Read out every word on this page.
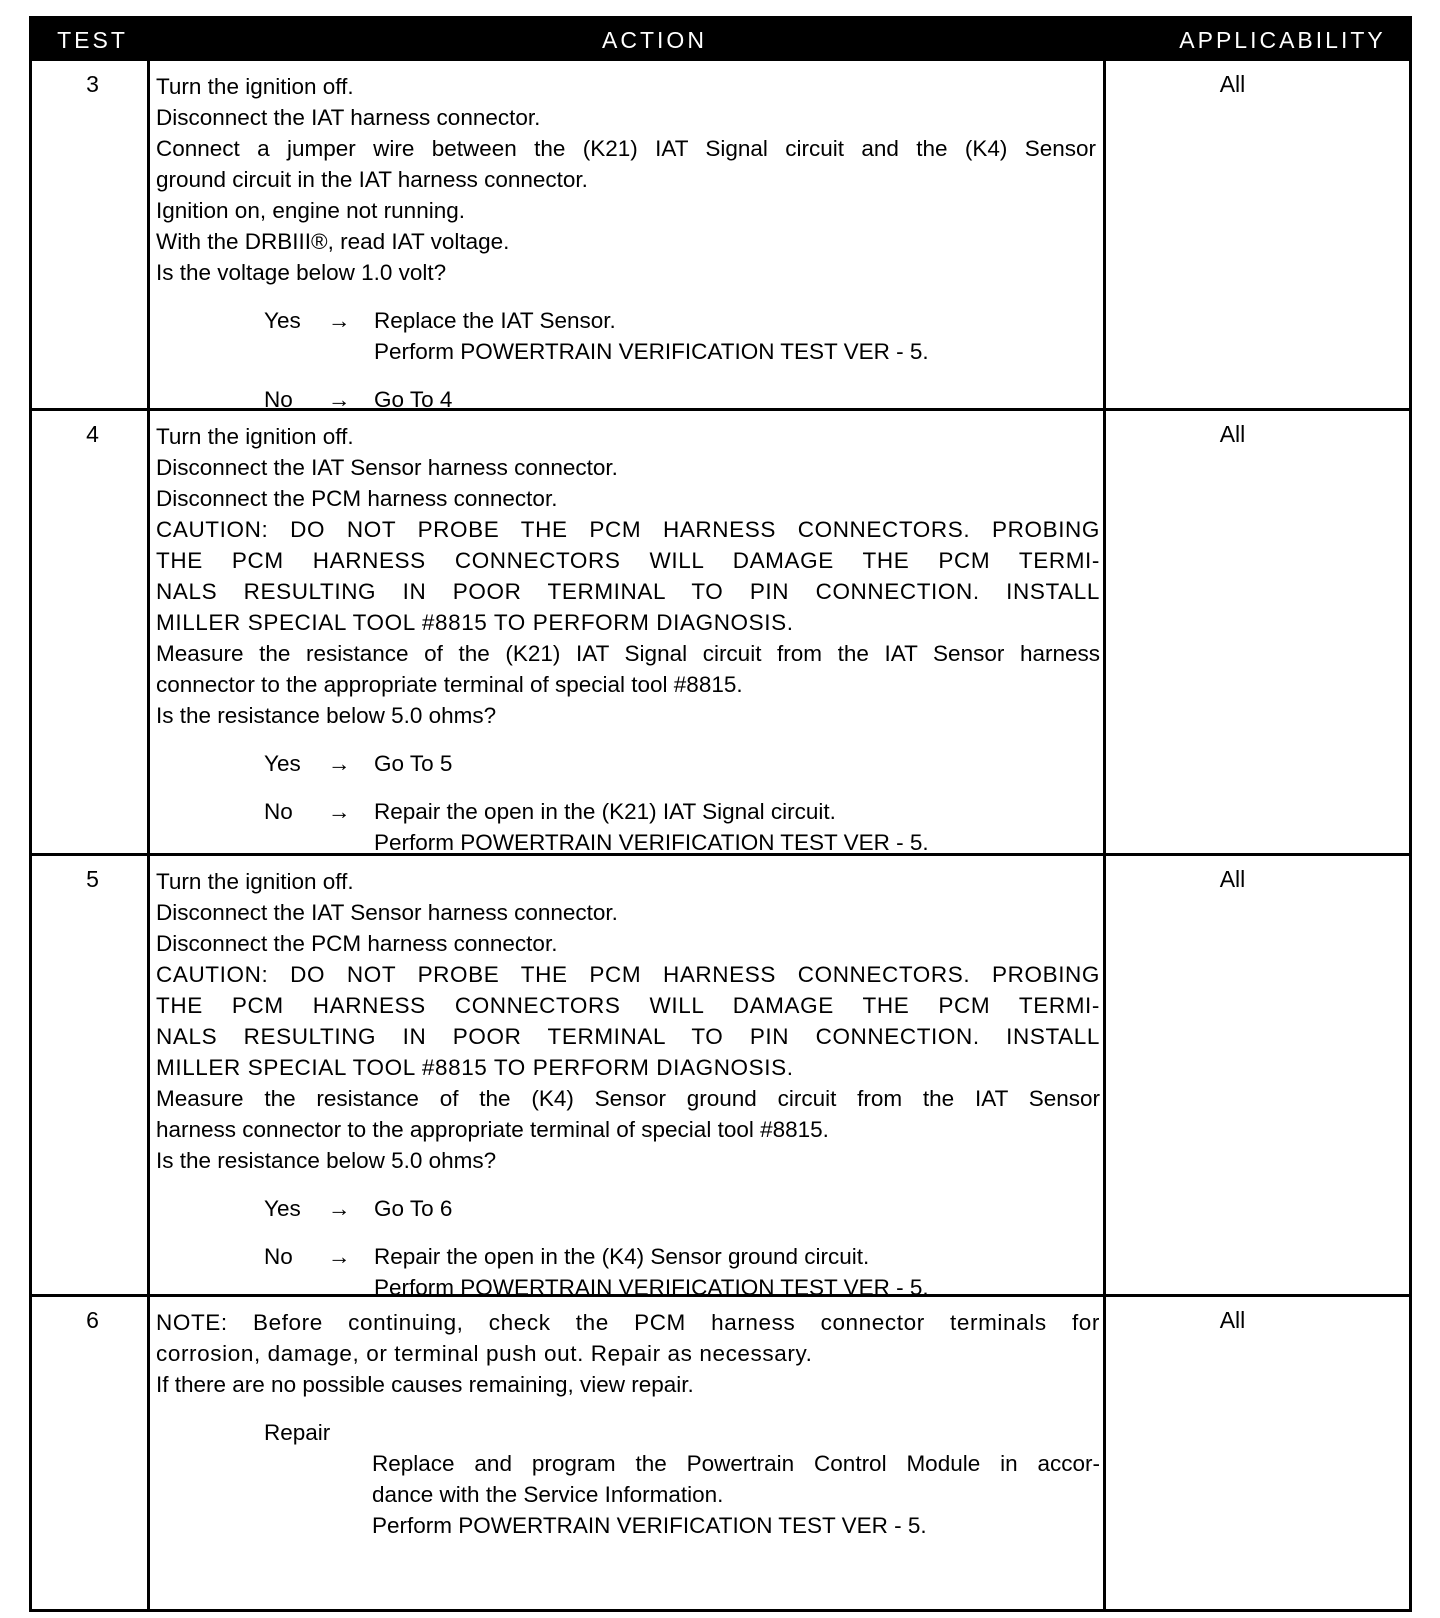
TEST	ACTION	APPLICABILITY
3	Turn the ignition off.
Disconnect the IAT harness connector.
Connect a jumper wire between the (K21) IAT Signal circuit and the (K4) Sensor
ground circuit in the IAT harness connector.
Ignition on, engine not running.
With the DRBIII®, read IAT voltage.
Is the voltage below 1.0 volt?
Yes → Replace the IAT Sensor.
Perform POWERTRAIN VERIFICATION TEST VER - 5.
No → Go To 4
All
4	Turn the ignition off.
Disconnect the IAT Sensor harness connector.
Disconnect the PCM harness connector.
CAUTION: DO NOT PROBE THE PCM HARNESS CONNECTORS. PROBING
THE PCM HARNESS CONNECTORS WILL DAMAGE THE PCM TERMI-
NALS RESULTING IN POOR TERMINAL TO PIN CONNECTION. INSTALL
MILLER SPECIAL TOOL #8815 TO PERFORM DIAGNOSIS.
Measure the resistance of the (K21) IAT Signal circuit from the IAT Sensor harness
connector to the appropriate terminal of special tool #8815.
Is the resistance below 5.0 ohms?
Yes → Go To 5
No → Repair the open in the (K21) IAT Signal circuit.
Perform POWERTRAIN VERIFICATION TEST VER - 5.
All
5	Turn the ignition off.
Disconnect the IAT Sensor harness connector.
Disconnect the PCM harness connector.
CAUTION: DO NOT PROBE THE PCM HARNESS CONNECTORS. PROBING
THE PCM HARNESS CONNECTORS WILL DAMAGE THE PCM TERMI-
NALS RESULTING IN POOR TERMINAL TO PIN CONNECTION. INSTALL
MILLER SPECIAL TOOL #8815 TO PERFORM DIAGNOSIS.
Measure the resistance of the (K4) Sensor ground circuit from the IAT Sensor
harness connector to the appropriate terminal of special tool #8815.
Is the resistance below 5.0 ohms?
Yes → Go To 6
No → Repair the open in the (K4) Sensor ground circuit.
Perform POWERTRAIN VERIFICATION TEST VER - 5.
All
6	NOTE: Before continuing, check the PCM harness connector terminals for
corrosion, damage, or terminal push out. Repair as necessary.
If there are no possible causes remaining, view repair.
Repair
Replace and program the Powertrain Control Module in accor-
dance with the Service Information.
Perform POWERTRAIN VERIFICATION TEST VER - 5.
All
